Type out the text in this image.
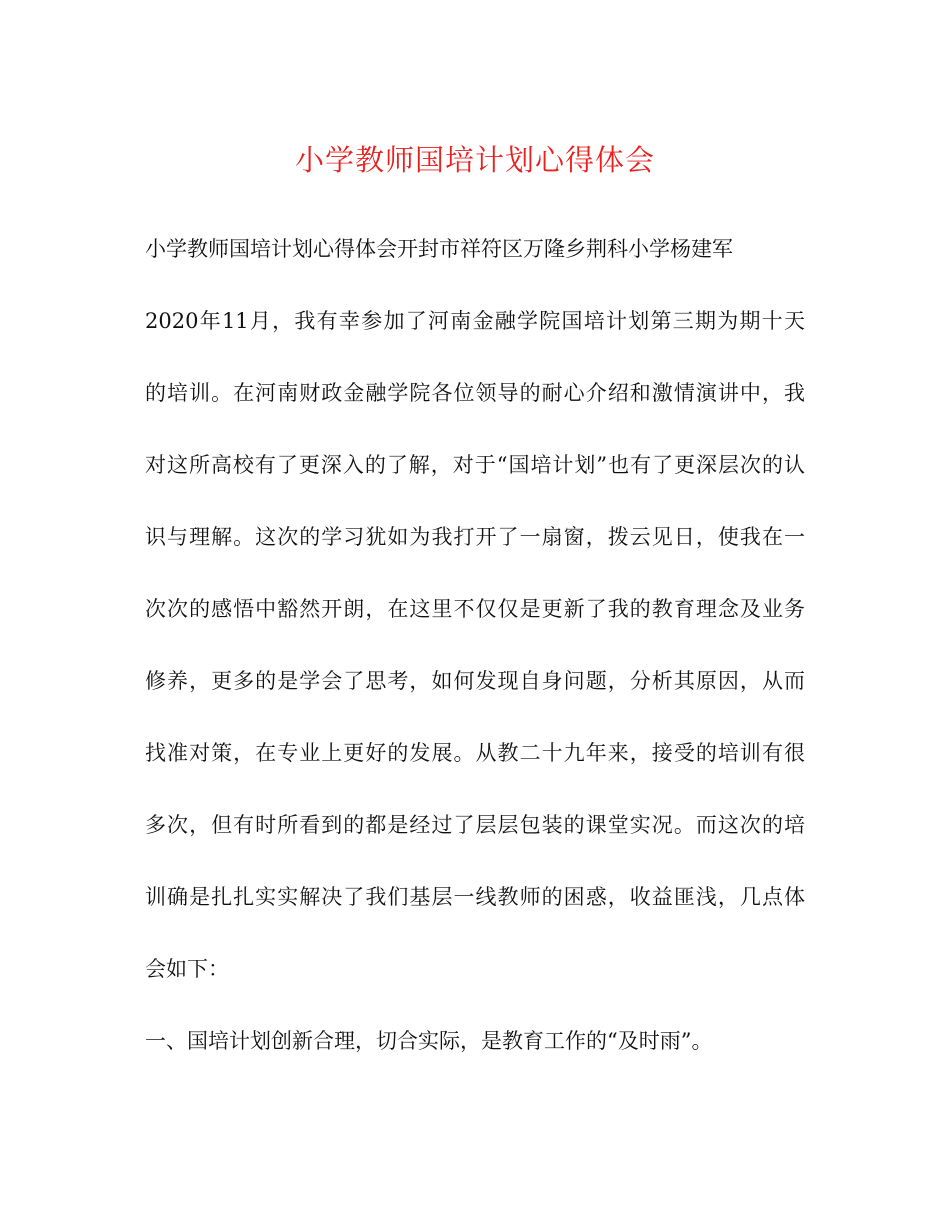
小学教师国培计划心得体会
小学教师国培计划心得体会开封市祥符区万隆乡荆科小学杨建军
2020年11月，我有幸参加了河南金融学院国培计划第三期为期十天
的培训。在河南财政金融学院各位领导的耐心介绍和激情演讲中，我
对这所高校有了更深入的了解，对于“国培计划”也有了更深层次的认
识与理解。这次的学习犹如为我打开了一扇窗，拨云见日，使我在一
次次的感悟中豁然开朗，在这里不仅仅是更新了我的教育理念及业务
修养，更多的是学会了思考，如何发现自身问题，分析其原因，从而
找准对策，在专业上更好的发展。从教二十九年来，接受的培训有很
多次，但有时所看到的都是经过了层层包装的课堂实况。而这次的培
训确是扎扎实实解决了我们基层一线教师的困惑，收益匪浅，几点体
会如下：
一、国培计划创新合理，切合实际，是教育工作的“及时雨”。
